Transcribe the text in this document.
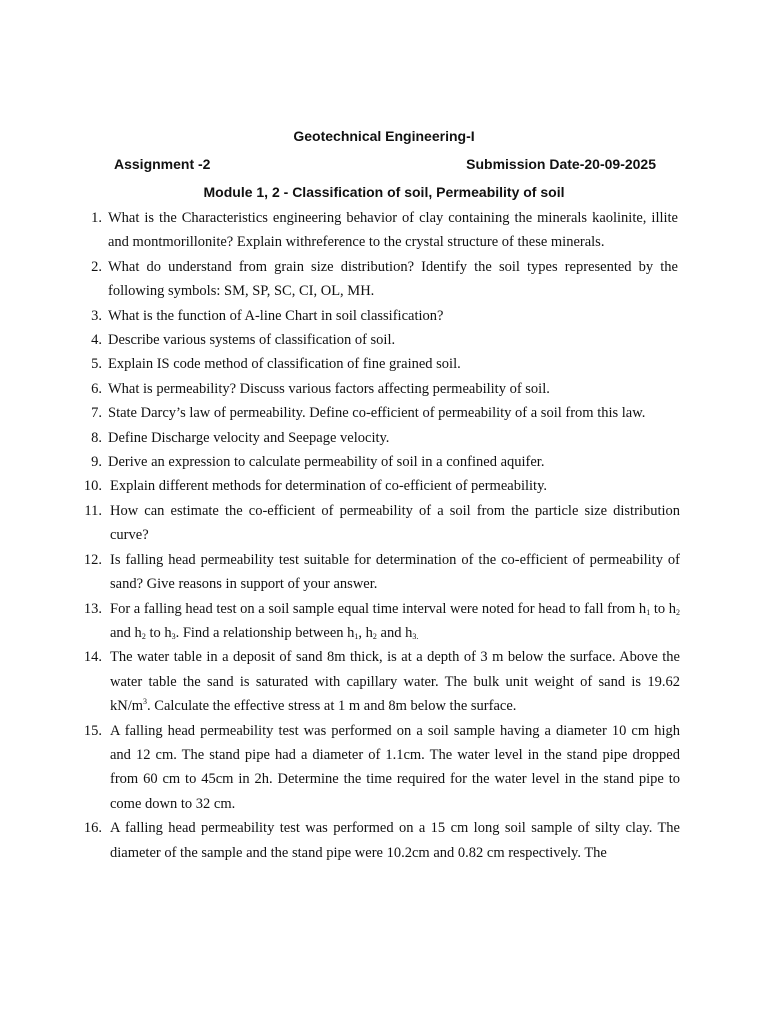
Geotechnical Engineering-I
Assignment -2	Submission Date-20-09-2025
Module 1, 2 - Classification of soil, Permeability of soil
1. What is the Characteristics engineering behavior of clay containing the minerals kaolinite, illite and montmorillonite? Explain withreference to the crystal structure of these minerals.
2. What do understand from grain size distribution? Identify the soil types represented by the following symbols: SM, SP, SC, CI, OL, MH.
3. What is the function of A-line Chart in soil classification?
4. Describe various systems of classification of soil.
5. Explain IS code method of classification of fine grained soil.
6. What is permeability? Discuss various factors affecting permeability of soil.
7. State Darcy’s law of permeability. Define co-efficient of permeability of a soil from this law.
8. Define Discharge velocity and Seepage velocity.
9. Derive an expression to calculate permeability of soil in a confined aquifer.
10. Explain different methods for determination of co-efficient of permeability.
11. How can estimate the co-efficient of permeability of a soil from the particle size distribution curve?
12. Is falling head permeability test suitable for determination of the co-efficient of permeability of sand? Give reasons in support of your answer.
13. For a falling head test on a soil sample equal time interval were noted for head to fall from $h_1$ to $h_2$ and $h_2$ to $h_3$. Find a relationship between $h_1$, $h_2$ and $h_{3.}$
14. The water table in a deposit of sand 8m thick, is at a depth of 3 m below the surface. Above the water table the sand is saturated with capillary water. The bulk unit weight of sand is 19.62 $kN/m^3$. Calculate the effective stress at 1 m and 8m below the surface.
15. A falling head permeability test was performed on a soil sample having a diameter 10 cm high and 12 cm. The stand pipe had a diameter of 1.1cm. The water level in the stand pipe dropped from 60 cm to 45cm in 2h. Determine the time required for the water level in the stand pipe to come down to 32 cm.
16. A falling head permeability test was performed on a 15 cm long soil sample of silty clay. The diameter of the sample and the stand pipe were 10.2cm and 0.82 cm respectively. The
